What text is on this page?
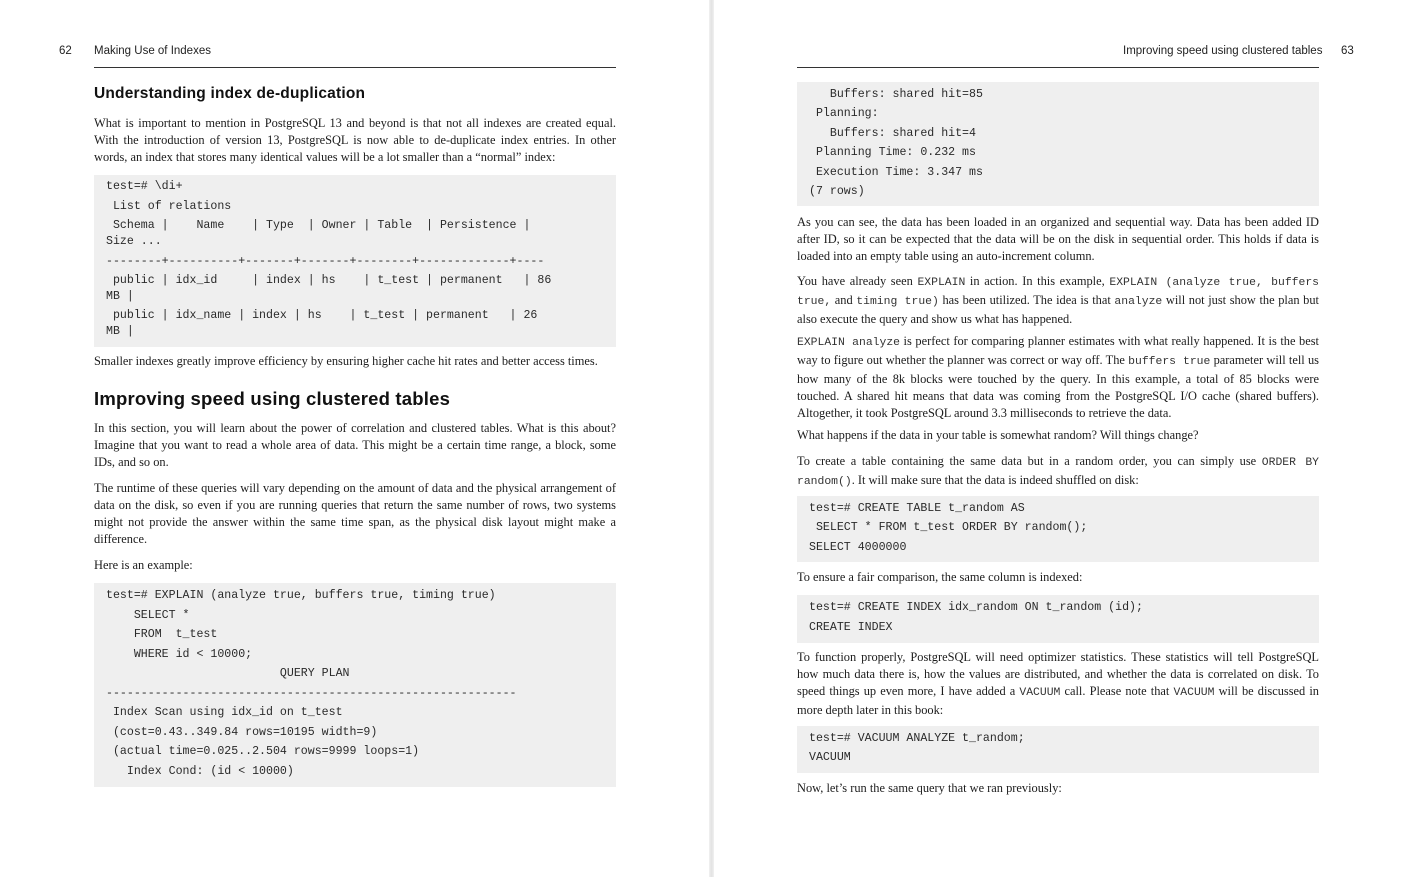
62 Making Use of Indexes
Understanding index de-duplication

What is important to mention in PostgreSQL 13 and beyond is that not all indexes are created equal. With the introduction of version 13, PostgreSQL is now able to de-duplicate index entries. In other words, an index that stores many identical values will be a lot smaller than a “normal” index:

test=# \di+
List of relations
Schema |    Name    | Type  | Owner | Table  | Persistence |
Size ...
--------+----------+-------+-------+--------+-------------+----
public | idx_id     | index | hs    | t_test | permanent   | 86
MB |
public | idx_name | index | hs    | t_test | permanent   | 26
MB |

Smaller indexes greatly improve efficiency by ensuring higher cache hit rates and better access times.

Improving speed using clustered tables

In this section, you will learn about the power of correlation and clustered tables. What is this about? Imagine that you want to read a whole area of data. This might be a certain time range, a block, some IDs, and so on.

The runtime of these queries will vary depending on the amount of data and the physical arrangement of data on the disk, so even if you are running queries that return the same number of rows, two systems might not provide the answer within the same time span, as the physical disk layout might make a difference.

Here is an example:

test=# EXPLAIN (analyze true, buffers true, timing true)
SELECT *
FROM  t_test
WHERE id < 10000;
QUERY PLAN
-----------------------------------------------------------
Index Scan using idx_id on t_test
(cost=0.43..349.84 rows=10195 width=9)
(actual time=0.025..2.504 rows=9999 loops=1)
Index Cond: (id < 10000)
Improving speed using clustered tables 63
Buffers: shared hit=85
Planning:
Buffers: shared hit=4
Planning Time: 0.232 ms
Execution Time: 3.347 ms
(7 rows)

As you can see, the data has been loaded in an organized and sequential way. Data has been added ID after ID, so it can be expected that the data will be on the disk in sequential order. This holds if data is loaded into an empty table using an auto-increment column.

You have already seen EXPLAIN in action. In this example, EXPLAIN (analyze true, buffers true, and timing true) has been utilized. The idea is that analyze will not just show the plan but also execute the query and show us what has happened.

EXPLAIN analyze is perfect for comparing planner estimates with what really happened. It is the best way to figure out whether the planner was correct or way off. The buffers true parameter will tell us how many of the 8k blocks were touched by the query. In this example, a total of 85 blocks were touched. A shared hit means that data was coming from the PostgreSQL I/O cache (shared buffers). Altogether, it took PostgreSQL around 3.3 milliseconds to retrieve the data.

What happens if the data in your table is somewhat random? Will things change?

To create a table containing the same data but in a random order, you can simply use ORDER BY random(). It will make sure that the data is indeed shuffled on disk:

test=# CREATE TABLE t_random AS
SELECT * FROM t_test ORDER BY random();
SELECT 4000000

To ensure a fair comparison, the same column is indexed:

test=# CREATE INDEX idx_random ON t_random (id);
CREATE INDEX

To function properly, PostgreSQL will need optimizer statistics. These statistics will tell PostgreSQL how much data there is, how the values are distributed, and whether the data is correlated on disk. To speed things up even more, I have added a VACUUM call. Please note that VACUUM will be discussed in more depth later in this book:

test=# VACUUM ANALYZE t_random;
VACUUM

Now, let’s run the same query that we ran previously:
